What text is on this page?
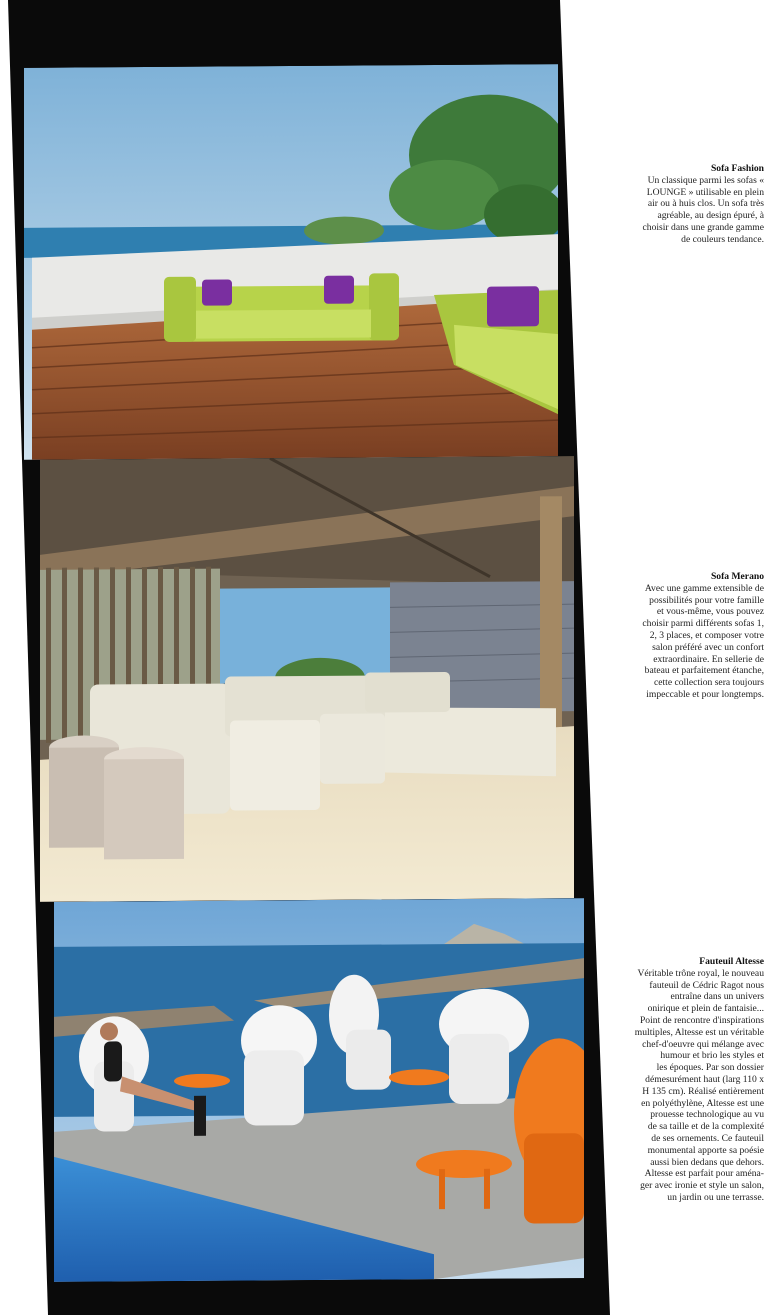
Sofa Fashion
Un classique parmi les sofas «
LOUNGE » utilisable en plein
air ou à huis clos. Un sofa très
agréable, au design épuré, à
choisir dans une grande gamme
de couleurs tendance.
Sofa Merano
Avec une gamme extensible de
possibilités pour votre famille
et vous-même, vous pouvez
choisir parmi différents sofas 1,
2, 3 places, et composer votre
salon préféré avec un confort
extraordinaire. En sellerie de
bateau et parfaitement étanche,
cette collection sera toujours
impeccable et pour longtemps.
Fauteuil Altesse
Véritable trône royal, le nouveau
fauteuil de Cédric Ragot nous
entraîne dans un univers
onirique et plein de fantaisie...
Point de rencontre d'inspirations
multiples, Altesse est un véritable
chef-d'oeuvre qui mélange avec
humour et brio les styles et
les époques. Par son dossier
démesurément haut (larg 110 x
H 135 cm). Réalisé entièrement
en polyéthylène, Altesse est une
prouesse technologique au vu
de sa taille et de la complexité
de ses ornements. Ce fauteuil
monumental apporte sa poésie
aussi bien dedans que dehors.
Altesse est parfait pour aména-
ger avec ironie et style un salon,
un jardin ou une terrasse.
